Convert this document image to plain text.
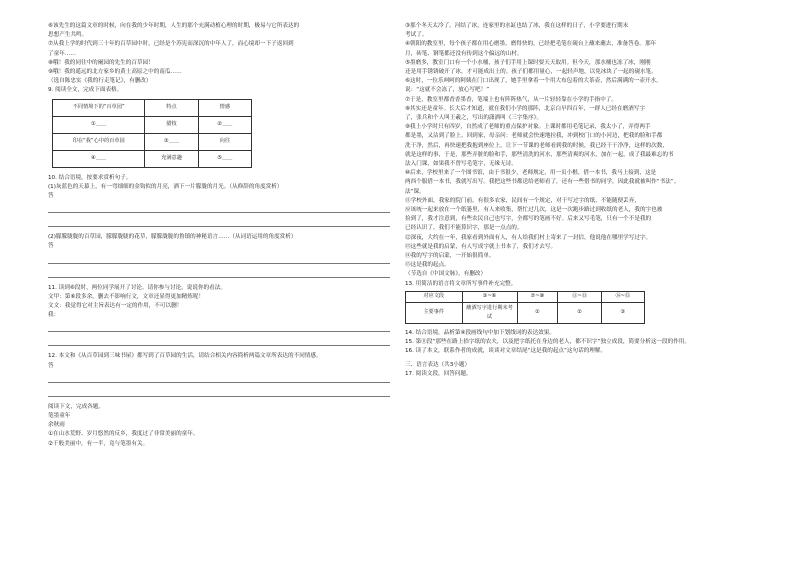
⑥该先生的这篇文章的时候，向在我的少年时期，人生的那个充满动植心理的时期，极易与它所表达的
思想产生共鸣。
⑦从我上学的时代到三十年的百草园中时，已经是个苏宪而深沉的中年人了，而心境却一下子返回到
了童年……
⑧哦！我的同往中的阑园的先生的百草园！
⑨哦！我的遥远的北方家乡的黄土高原之中的南瓜……
（选自陈忠实《我的行走笔记》，有删改）
9. 阅读全文，完成下面表格。
不同情境下的“百草园”	特点	情感
①＿＿	腊枝	②＿＿
印在“我”心中的百草园	③＿＿	向往
④＿＿	充满意趣	⑤＿＿
10. 结合语境，按要求赏析句子。
(1)灰蓝色的天幕上，有一弯细细的金钩似的月亮，洒下一片朦胧的月光。（从修辞的角度赏析）
答
(2)朦朦胧胧的百草园，朦朦胧胧的花草，朦朦胧胧的鲁镇的神秘语言……（从词语运用的角度赏析）
答
11. 读到⑥段时，两位同学展开了讨论。请你参与讨论，说说你的看法。
文甲：第⑥段多余，删去不影响行文，文章还显得更加精炼呢！
文文：我觉得它对主旨表达有一定的作用，不可以删！
我：
12. 本文和《从百草园到三味书屋》都写到了百草园的生活，请结合相关内容简析两篇文章所表达的不同情感。
答
阅读下文，完成各题。
笔墨童年
余秋雨
①在山水荒野、岁月悠然的反乡，我度过了非常美丽的童年。
②千般美丽中，有一半，竟与笔墨有关。
③那个冬天太冷了，河结了冰，连家里的水缸也结了冰，我在这样的日子，小学要进行期末
考试了。
④朝阳的教室里，每个孩子都在用心磨墨，磨得快的，已经把毛笔在砚台上蘸来蘸去，准备答卷。那年
月，砖笔、钢笔都还没有传到这个偏远的山村。
⑤墨磨多，教室门口有一个小水桶，孩子们手用上课时要天天取用。但今天，那水桶也冻了冰，刚刚
还是用手锈锈破开了冰，才可能成出上的。孩子们都用量心，一起轻声地，以免冰块了一起的砚水笔。
⑥这时，一位乐呵呵的阿姨在门口出现了，她手里拿着一个用大布包着的大茶壶，然后满满的一壶开水，
说：“这就不会冻了，放心写吧！”
⑦于是，教室里都香香墨香，笔端上也有阵阵热气，从一片轻轻靠在小学的手指中了。
⑧其实还是童年。长大后才知道，就在我们小学的那阵，北京白早四百年，一群人已经在磨酒写字
了，张兵和个人叫王羲之，写出的潇洒叫《三字集序》。
⑨我上小学时只有四岁，自然成了老师的重点保护对象。上课时都用毛笔记录，我太小了，弄得两手
都是墨，又沾到了脸上。回到家，母亲问：老师就会快速地拉我，冲到校门口的小河边，把我的脸和手都
洗干净，然后，再快速把我抱到座位上，让下一节课的老师看到我的时候，我已经干干净净，这样的次数，
就是这样的事，于是，那些弄脏的脸和手，那些清洗的河水，那些清爽的河水，加在一起，成了我最难忘的书
法入门课，如果我不曾写毛笔字，无缘无诗。
⑩后来，学校里来了一个图书馆，由于书很少，老师规定，用一页小楷，借一本书，我马上接到，这是
两西个服借一本书，我就写出写。我把这些书都送给老师看了，还有一些借书的同学，因此我就被叫作“书法”。
法”课。
⑪学校外面，我家的院门前，有很多农家，民间有一个规定，对于写过字的纸，不能随便丢弃，
应该统一起来放在一个纸篓里，有人来收集，帮忙过几次，这是一次跑步路过到收纸的老人，我的字也被
捡到了，我才注意到，有些农民自己也写字，全都写的笔画不好。后来又写毛笔，只有一个不是我的
已经认识了，我们不能算识字，那是一点点的。
⑫深夜，大约在一年，我家看到外面有人，有人给我们村上寄来了一封信，他说他在哪里学写过字。
⑬这些就是我的启蒙，有人写成字就上书本了，我们才去写。
⑭我的写字的启蒙，一开始很简单。
⑮这是我的起点。
（节选自《中国文脉》，有删改）
13. 用简洁的语言将文章所写事件补充完整。
对应文段	③~⑥	⑦~⑩	⑪~⑬	⑭~⑮
主要事件	蘸酒写字进行期末考试	①	②	③
14. 结合语境，品析第④段画线句中加下划线词的表达效果。
15. 第⑪段“那些在路上拾字纸的农夫，以及把字纸托在身边的老人，都不识字”独立成段，简要分析这一段的作用。
16. 读了本文，联系作者的成就，谈谈对文章结尾“这是我的起点”这句话的理解。
三、语言表达（共3小题）
17. 阅读文段，回答问题。
